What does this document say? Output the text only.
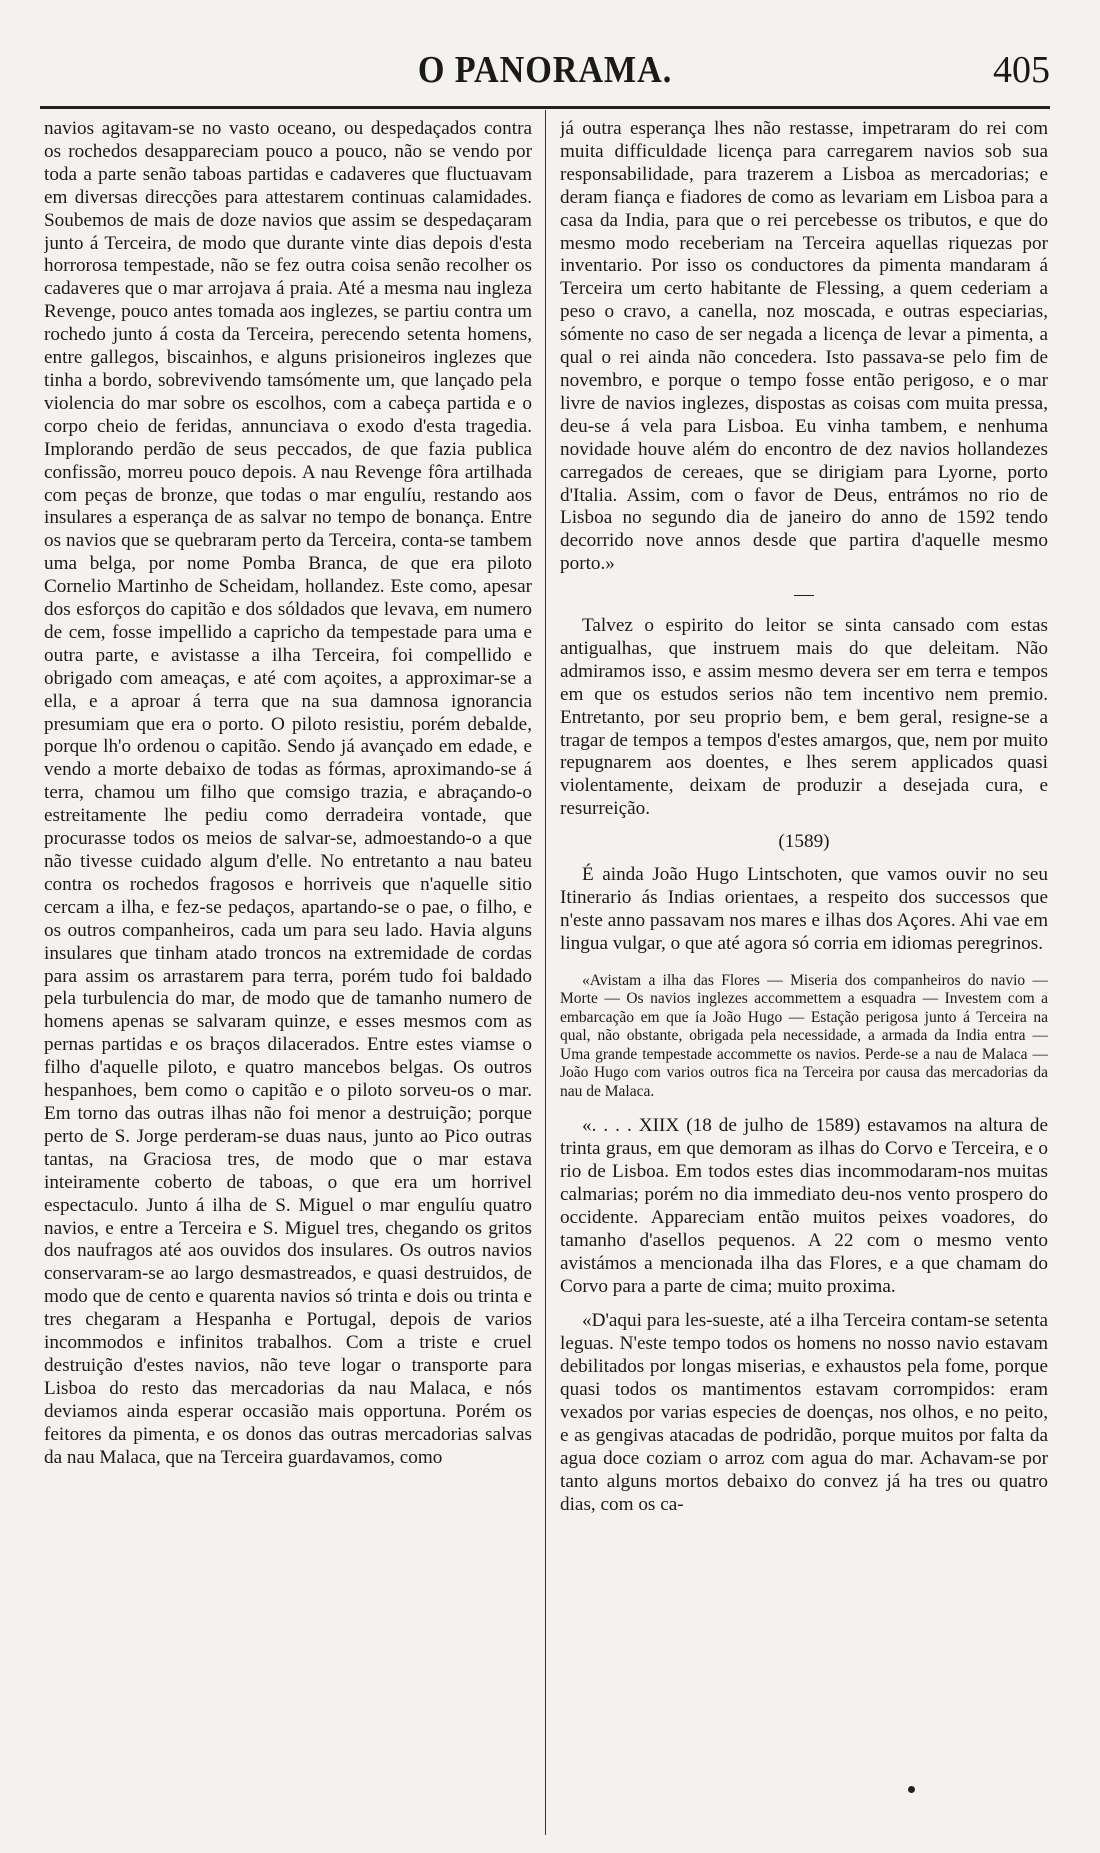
O PANORAMA.	405

navios agitavam-se no vasto oceano, ou despedaçados contra os rochedos desappareciam pouco a pouco, não se vendo por toda a parte senão taboas partidas e cadaveres que fluctuavam em diversas direcções para attestarem continuas calamidades. Soubemos de mais de doze navios que assim se despedaçaram junto á Terceira, de modo que durante vinte dias depois d'esta horrorosa tempestade, não se fez outra coisa senão recolher os cadaveres que o mar arrojava á praia. Até a mesma nau ingleza Revenge, pouco antes tomada aos inglezes, se partiu contra um rochedo junto á costa da Terceira, perecendo setenta homens, entre gallegos, biscainhos, e alguns prisioneiros inglezes que tinha a bordo, sobrevivendo tamsómente um, que lançado pela violencia do mar sobre os escolhos, com a cabeça partida e o corpo cheio de feridas, annunciava o exodo d'esta tragedia. Implorando perdão de seus peccados, de que fazia publica confissão, morreu pouco depois. A nau Revenge fôra artilhada com peças de bronze, que todas o mar engulíu, restando aos insulares a esperança de as salvar no tempo de bonança. Entre os navios que se quebraram perto da Terceira, conta-se tambem uma belga, por nome Pomba Branca, de que era piloto Cornelio Martinho de Scheidam, hollandez. Este como, apesar dos esforços do capitão e dos sóldados que levava, em numero de cem, fosse impellido a capricho da tempestade para uma e outra parte, e avistasse a ilha Terceira, foi compellido e obrigado com ameaças, e até com açoites, a approximar-se a ella, e a aproar á terra que na sua damnosa ignorancia presumiam que era o porto. O piloto resistiu, porém debalde, porque lh'o ordenou o capitão. Sendo já avançado em edade, e vendo a morte debaixo de todas as fórmas, aproximando-se á terra, chamou um filho que comsigo trazia, e abraçando-o estreitamente lhe pediu como derradeira vontade, que procurasse todos os meios de salvar-se, admoestando-o a que não tivesse cuidado algum d'elle. No entretanto a nau bateu contra os rochedos fragosos e horriveis que n'aquelle sitio cercam a ilha, e fez-se pedaços, apartando-se o pae, o filho, e os outros companheiros, cada um para seu lado. Havia alguns insulares que tinham atado troncos na extremidade de cordas para assim os arrastarem para terra, porém tudo foi baldado pela turbulencia do mar, de modo que de tamanho numero de homens apenas se salvaram quinze, e esses mesmos com as pernas partidas e os braços dilacerados. Entre estes viamse o filho d'aquelle piloto, e quatro mancebos belgas. Os outros hespanhoes, bem como o capitão e o piloto sorveu-os o mar. Em torno das outras ilhas não foi menor a destruição; porque perto de S. Jorge perderam-se duas naus, junto ao Pico outras tantas, na Graciosa tres, de modo que o mar estava inteiramente coberto de taboas, o que era um horrivel espectaculo. Junto á ilha de S. Miguel o mar engulíu quatro navios, e entre a Terceira e S. Miguel tres, chegando os gritos dos naufragos até aos ouvidos dos insulares. Os outros navios conservaram-se ao largo desmastreados, e quasi destruidos, de modo que de cento e quarenta navios só trinta e dois ou trinta e tres chegaram a Hespanha e Portugal, depois de varios incommodos e infinitos trabalhos. Com a triste e cruel destruição d'estes navios, não teve logar o transporte para Lisboa do resto das mercadorias da nau Malaca, e nós deviamos ainda esperar occasião mais opportuna. Porém os feitores da pimenta, e os donos das outras mercadorias salvas da nau Malaca, que na Terceira guardavamos, como

já outra esperança lhes não restasse, impetraram do rei com muita difficuldade licença para carregarem navios sob sua responsabilidade, para trazerem a Lisboa as mercadorias; e deram fiança e fiadores de como as levariam em Lisboa para a casa da India, para que o rei percebesse os tributos, e que do mesmo modo receberiam na Terceira aquellas riquezas por inventario. Por isso os conductores da pimenta mandaram á Terceira um certo habitante de Flessing, a quem cederiam a peso o cravo, a canella, noz moscada, e outras especiarias, sómente no caso de ser negada a licença de levar a pimenta, a qual o rei ainda não concedera. Isto passava-se pelo fim de novembro, e porque o tempo fosse então perigoso, e o mar livre de navios inglezes, dispostas as coisas com muita pressa, deu-se á vela para Lisboa. Eu vinha tambem, e nenhuma novidade houve além do encontro de dez navios hollandezes carregados de cereaes, que se dirigiam para Lyorne, porto d'Italia. Assim, com o favor de Deus, entrámos no rio de Lisboa no segundo dia de janeiro do anno de 1592 tendo decorrido nove annos desde que partira d'aquelle mesmo porto.»

Talvez o espirito do leitor se sinta cansado com estas antigualhas, que instruem mais do que deleitam. Não admiramos isso, e assim mesmo devera ser em terra e tempos em que os estudos serios não tem incentivo nem premio. Entretanto, por seu proprio bem, e bem geral, resigne-se a tragar de tempos a tempos d'estes amargos, que, nem por muito repugnarem aos doentes, e lhes serem applicados quasi violentamente, deixam de produzir a desejada cura, e resurreição.

(1589)

É ainda João Hugo Lintschoten, que vamos ouvir no seu Itinerario ás Indias orientaes, a respeito dos successos que n'este anno passavam nos mares e ilhas dos Açores. Ahi vae em lingua vulgar, o que até agora só corria em idiomas peregrinos.

«Avistam a ilha das Flores — Miseria dos companheiros do navio — Morte — Os navios inglezes accommettem a esquadra — Investem com a embarcação em que ía João Hugo — Estação perigosa junto á Terceira na qual, não obstante, obrigada pela necessidade, a armada da India entra — Uma grande tempestade accommette os navios. Perde-se a nau de Malaca — João Hugo com varios outros fica na Terceira por causa das mercadorias da nau de Malaca.

«. . . . XIIX (18 de julho de 1589) estavamos na altura de trinta graus, em que demoram as ilhas do Corvo e Terceira, e o rio de Lisboa. Em todos estes dias incommodaram-nos muitas calmarias; porém no dia immediato deu-nos vento prospero do occidente. Appareciam então muitos peixes voadores, do tamanho d'asellos pequenos. A 22 com o mesmo vento avistámos a mencionada ilha das Flores, e a que chamam do Corvo para a parte de cima; muito proxima.

«D'aqui para les-sueste, até a ilha Terceira contam-se setenta leguas. N'este tempo todos os homens no nosso navio estavam debilitados por longas miserias, e exhaustos pela fome, porque quasi todos os mantimentos estavam corrompidos: eram vexados por varias especies de doenças, nos olhos, e no peito, e as gengivas atacadas de podridão, porque muitos por falta da agua doce coziam o arroz com agua do mar. Achavam-se por tanto alguns mortos debaixo do convez já ha tres ou quatro dias, com os ca-
